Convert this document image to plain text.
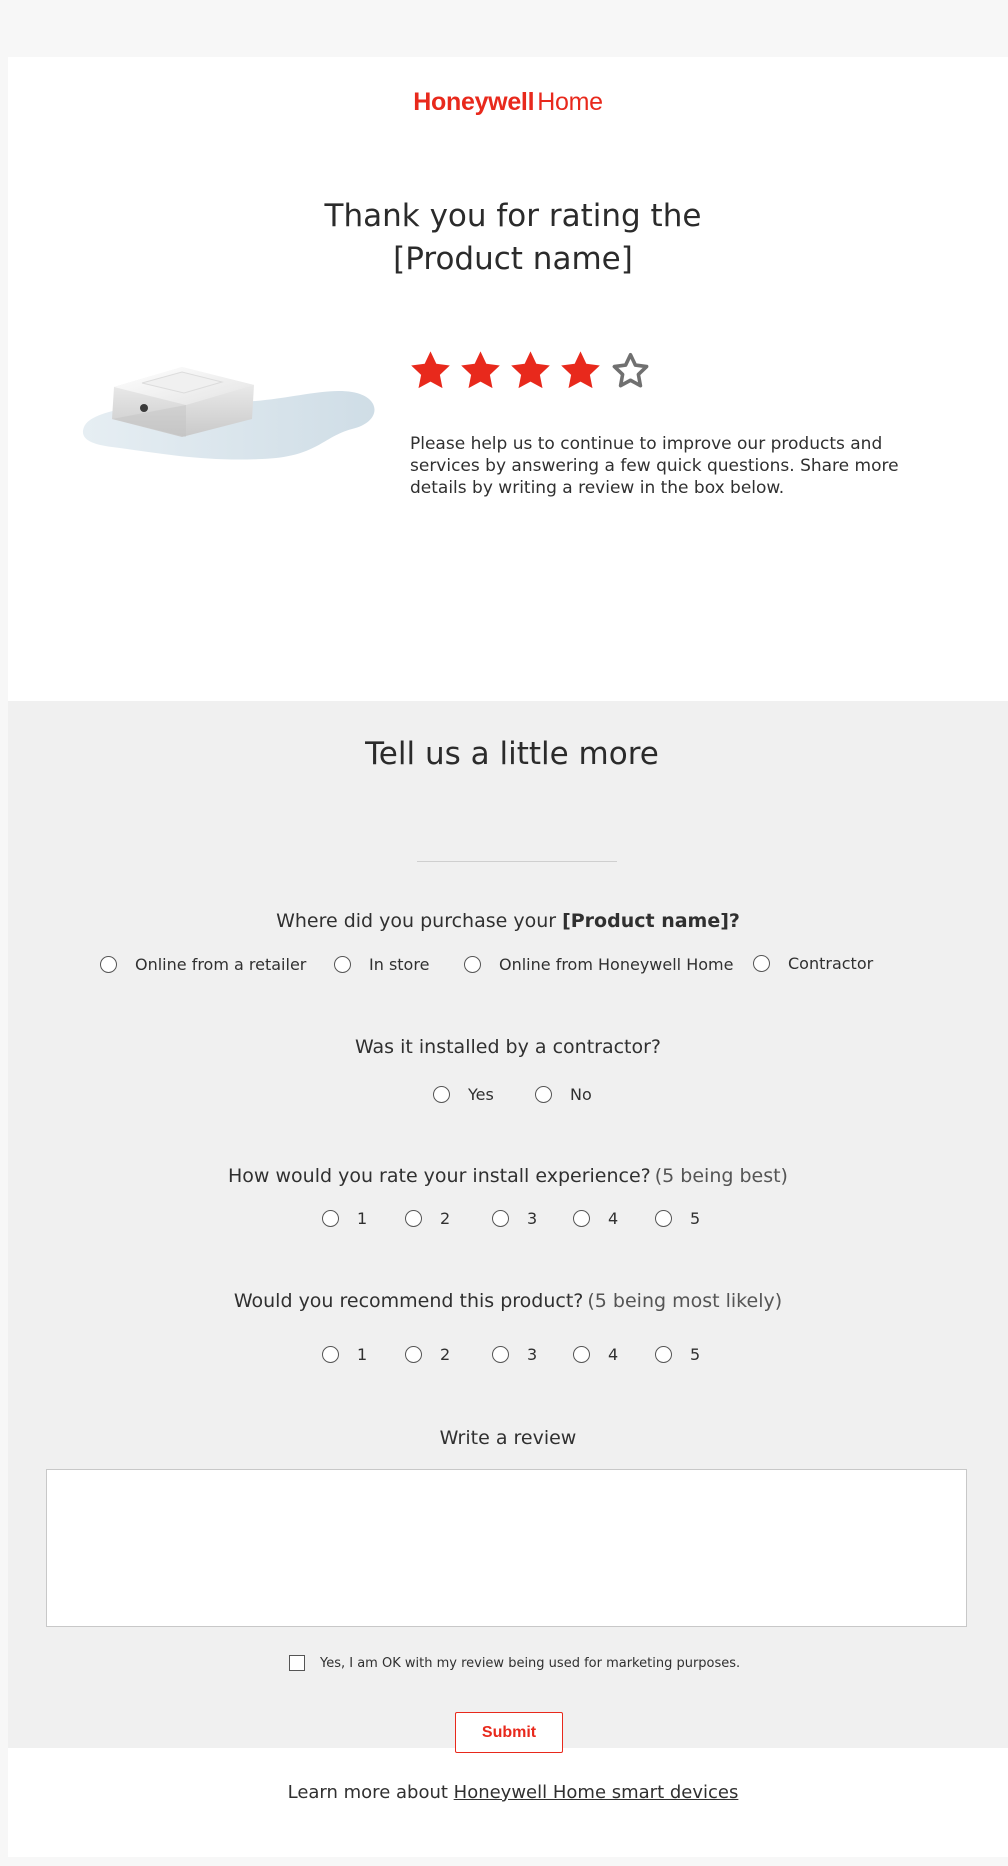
Honeywell Home
Thank you for rating the
[Product name]

Please help us to continue to improve our products and services by answering a few quick questions. Share more details by writing a review in the box below.

Tell us a little more

Where did you purchase your [Product name]?

Online from a retailer	In store	Online from Honeywell Home	Contractor

Was it installed by a contractor?

Yes	No

How would you rate your install experience? (5 being best)

1	2	3	4	5

Would you recommend this product? (5 being most likely)

1	2	3	4	5

Write a review

Yes, I am OK with my review being used for marketing purposes.
Submit
Learn more about Honeywell Home smart devices
